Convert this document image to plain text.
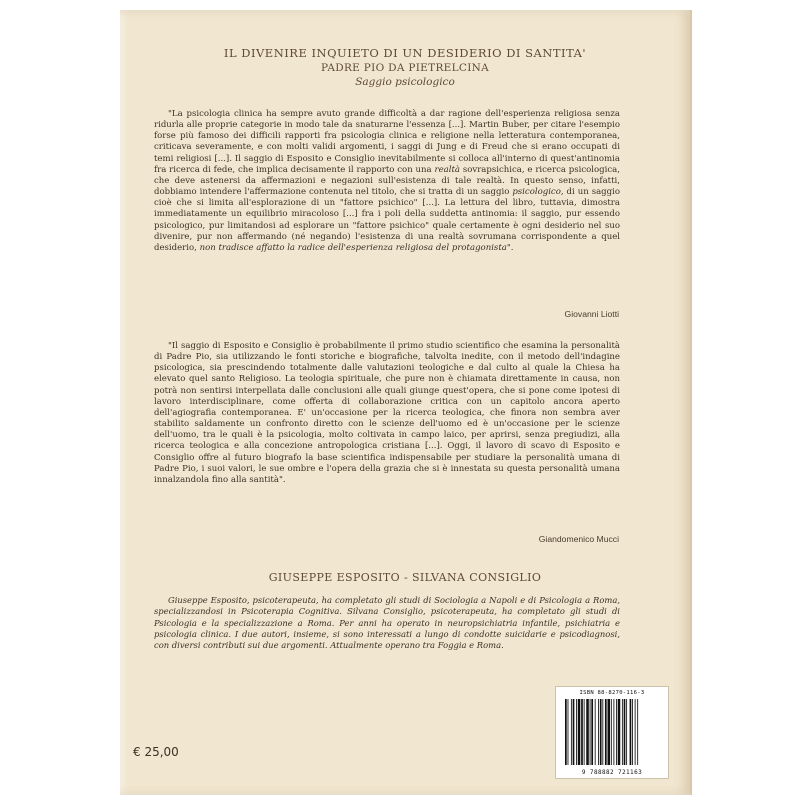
IL DIVENIRE INQUIETO DI UN DESIDERIO DI SANTITA'
PADRE PIO DA PIETRELCINA
Saggio psicologico

"La psicologia clinica ha sempre avuto grande difficoltà a dar ragione dell'esperienza religiosa senza ridurla alle proprie categorie in modo tale da snaturarne l'essenza [...]. Martin Buber, per citare l'esempio forse più famoso dei difficili rapporti fra psicologia clinica e religione nella letteratura contemporanea, criticava severamente, e con molti validi argomenti, i saggi di Jung e di Freud che si erano occupati di temi religiosi [...]. Il saggio di Esposito e Consiglio inevitabilmente si colloca all'interno di quest'antinomia fra ricerca di fede, che implica decisamente il rapporto con una realtà sovrapsichica, e ricerca psicologica, che deve astenersi da affermazioni e negazioni sull'esistenza di tale realtà. In questo senso, infatti, dobbiamo intendere l'affermazione contenuta nel titolo, che si tratta di un saggio psicologico, di un saggio cioè che si limita all'esplorazione di un "fattore psichico" [...]. La lettura del libro, tuttavia, dimostra immediatamente un equilibrio miracoloso [...] fra i poli della suddetta antinomia: il saggio, pur essendo psicologico, pur limitandosi ad esplorare un "fattore psichico" quale certamente è ogni desiderio nel suo divenire, pur non affermando (né negando) l'esistenza di una realtà sovrumana corrispondente a quel desiderio, non tradisce affatto la radice dell'esperienza religiosa del protagonista".

Giovanni Liotti

"Il saggio di Esposito e Consiglio è probabilmente il primo studio scientifico che esamina la personalità di Padre Pio, sia utilizzando le fonti storiche e biografiche, talvolta inedite, con il metodo dell'indagine psicologica, sia prescindendo totalmente dalle valutazioni teologiche e dal culto al quale la Chiesa ha elevato quel santo Religioso. La teologia spirituale, che pure non è chiamata direttamente in causa, non potrà non sentirsi interpellata dalle conclusioni alle quali giunge quest'opera, che si pone come ipotesi di lavoro interdisciplinare, come offerta di collaborazione critica con un capitolo ancora aperto dell'agiografia contemporanea. E' un'occasione per la ricerca teologica, che finora non sembra aver stabilito saldamente un confronto diretto con le scienze dell'uomo ed è un'occasione per le scienze dell'uomo, tra le quali è la psicologia, molto coltivata in campo laico, per aprirsi, senza pregiudizi, alla ricerca teologica e alla concezione antropologica cristiana [...]. Oggi, il lavoro di scavo di Esposito e Consiglio offre al futuro biografo la base scientifica indispensabile per studiare la personalità umana di Padre Pio, i suoi valori, le sue ombre e l'opera della grazia che si è innestata su questa personalità umana innalzandola fino alla santità".

Giandomenico Mucci
GIUSEPPE ESPOSITO - SILVANA CONSIGLIO

Giuseppe Esposito, psicoterapeuta, ha completato gli studi di Sociologia a Napoli e di Psicologia a Roma, specializzandosi in Psicoterapia Cognitiva. Silvana Consiglio, psicoterapeuta, ha completato gli studi di Psicologia e la specializzazione a Roma. Per anni ha operato in neuropsichiatria infantile, psichiatria e psicologia clinica. I due autori, insieme, si sono interessati a lungo di condotte suicidarie e psicodiagnosi, con diversi contributi sui due argomenti. Attualmente operano tra Foggia e Roma.

€ 25,00
ISBN 88-8270-116-3
9 788882 721163
